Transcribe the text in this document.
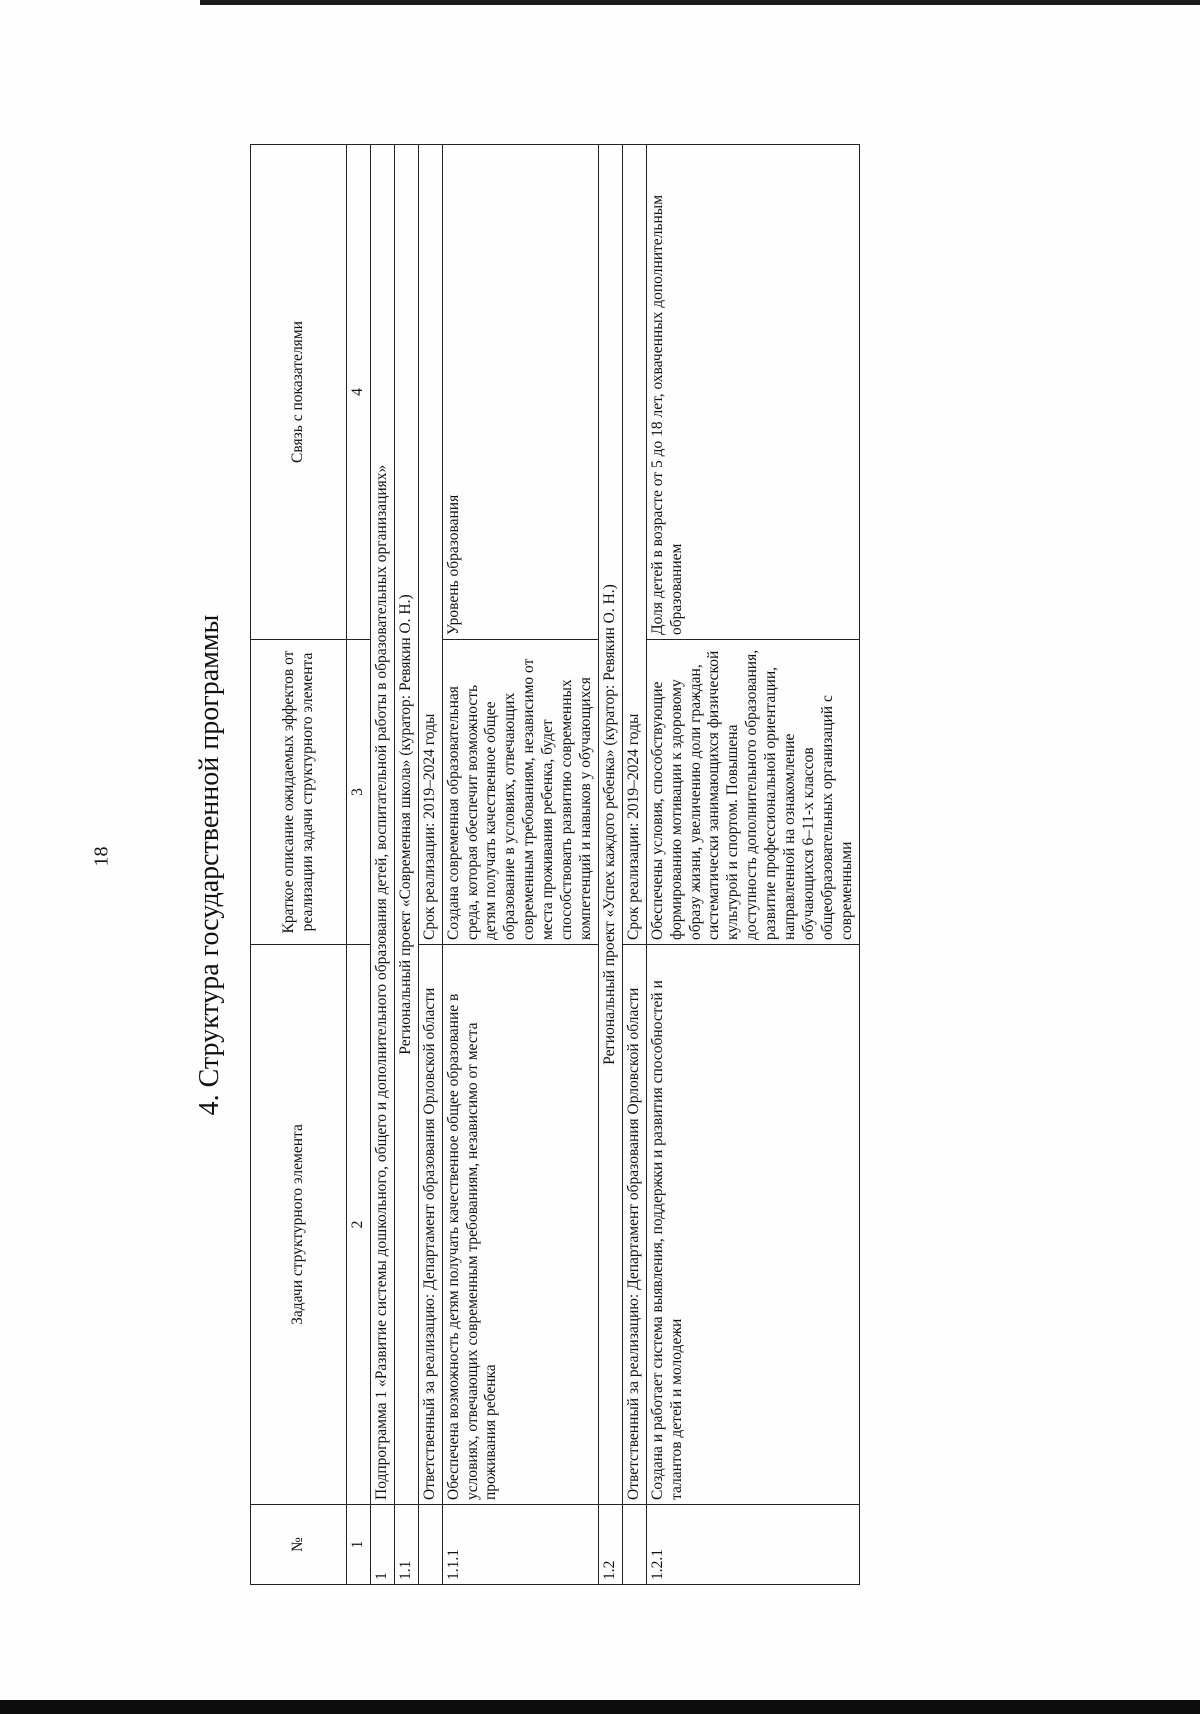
18	4. Структура государственной программы
№	Задачи структурного элемента	Краткое описание ожидаемых эффектов от реализации задачи структурного элемента	Связь с показателями
1	2	3	4
1	Подпрограмма 1 «Развитие системы дошкольного, общего и дополнительного образования детей, воспитательной работы в образовательных организациях»		
1.1	Региональный проект «Современная школа» (куратор: Ревякин О. Н.)		
	Ответственный за реализацию: Департамент образования Орловской области	Срок реализации: 2019–2024 годы	
1.1.1	Обеспечена возможность детям получать качественное общее образование в условиях, отвечающих современным требованиям, независимо от места проживания ребенка	Создана современная образовательная среда, которая обеспечит возможность детям получать качественное общее образование в условиях, отвечающих современным требованиям, независимо от места проживания ребенка, будет способствовать развитию современных компетенций и навыков у обучающихся	Уровень образования
1.2	Региональный проект «Успех каждого ребенка» (куратор: Ревякин О. Н.)		
	Ответственный за реализацию: Департамент образования Орловской области	Срок реализации: 2019–2024 годы	
1.2.1	Создана и работает система выявления, поддержки и развития способностей и талантов детей и молодежи	Обеспечены условия, способствующие формированию мотивации к здоровому образу жизни, увеличению доли граждан, систематически занимающихся физической культурой и спортом. Повышена доступность дополнительного образования, развитие профессиональной ориентации, направленной на ознакомление обучающихся 6–11-х классов общеобразовательных организаций с современными	Доля детей в возрасте от 5 до 18 лет, охваченных дополнительным образованием
